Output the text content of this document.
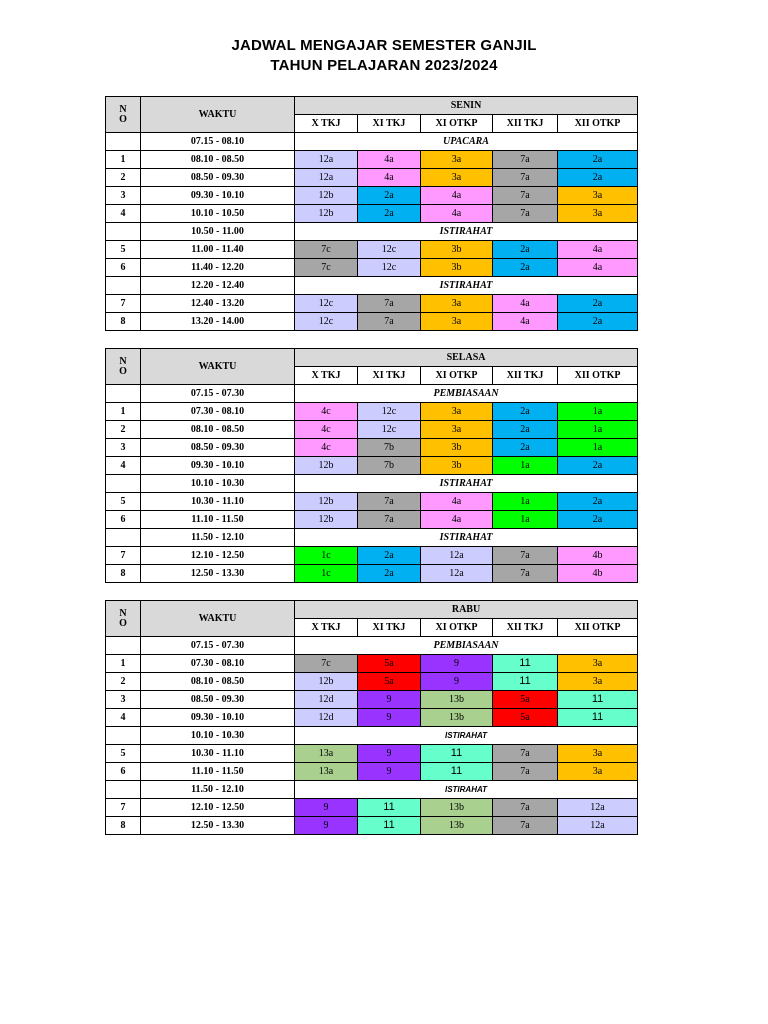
JADWAL MENGAJAR SEMESTER GANJIL
TAHUN PELAJARAN 2023/2024
N
O	WAKTU	SENIN				
		X TKJ	XI TKJ	XI OTKP	XII TKJ	XII OTKP
	07.15 - 08.10	UPACARA				
1	08.10 - 08.50	12a	4a	3a	7a	2a
2	08.50 - 09.30	12a	4a	3a	7a	2a
3	09.30 - 10.10	12b	2a	4a	7a	3a
4	10.10 - 10.50	12b	2a	4a	7a	3a
	10.50 - 11.00	ISTIRAHAT				
5	11.00 - 11.40	7c	12c	3b	2a	4a
6	11.40 - 12.20	7c	12c	3b	2a	4a
	12.20 - 12.40	ISTIRAHAT				
7	12.40 - 13.20	12c	7a	3a	4a	2a
8	13.20 - 14.00	12c	7a	3a	4a	2a
N
O	WAKTU	SELASA				
		X TKJ	XI TKJ	XI OTKP	XII TKJ	XII OTKP
	07.15 - 07.30	PEMBIASAAN				
1	07.30 - 08.10	4c	12c	3a	2a	1a
2	08.10 - 08.50	4c	12c	3a	2a	1a
3	08.50 - 09.30	4c	7b	3b	2a	1a
4	09.30 - 10.10	12b	7b	3b	1a	2a
	10.10 - 10.30	ISTIRAHAT				
5	10.30 - 11.10	12b	7a	4a	1a	2a
6	11.10 - 11.50	12b	7a	4a	1a	2a
	11.50 - 12.10	ISTIRAHAT				
7	12.10 - 12.50	1c	2a	12a	7a	4b
8	12.50 - 13.30	1c	2a	12a	7a	4b
N
O	WAKTU	RABU				
		X TKJ	XI TKJ	XI OTKP	XII TKJ	XII OTKP
	07.15 - 07.30	PEMBIASAAN				
1	07.30 - 08.10	7c	5a	9	11	3a
2	08.10 - 08.50	12b	5a	9	11	3a
3	08.50 - 09.30	12d	9	13b	5a	11
4	09.30 - 10.10	12d	9	13b	5a	11
	10.10 - 10.30	ISTIRAHAT				
5	10.30 - 11.10	13a	9	11	7a	3a
6	11.10 - 11.50	13a	9	11	7a	3a
	11.50 - 12.10	ISTIRAHAT				
7	12.10 - 12.50	9	11	13b	7a	12a
8	12.50 - 13.30	9	11	13b	7a	12a
